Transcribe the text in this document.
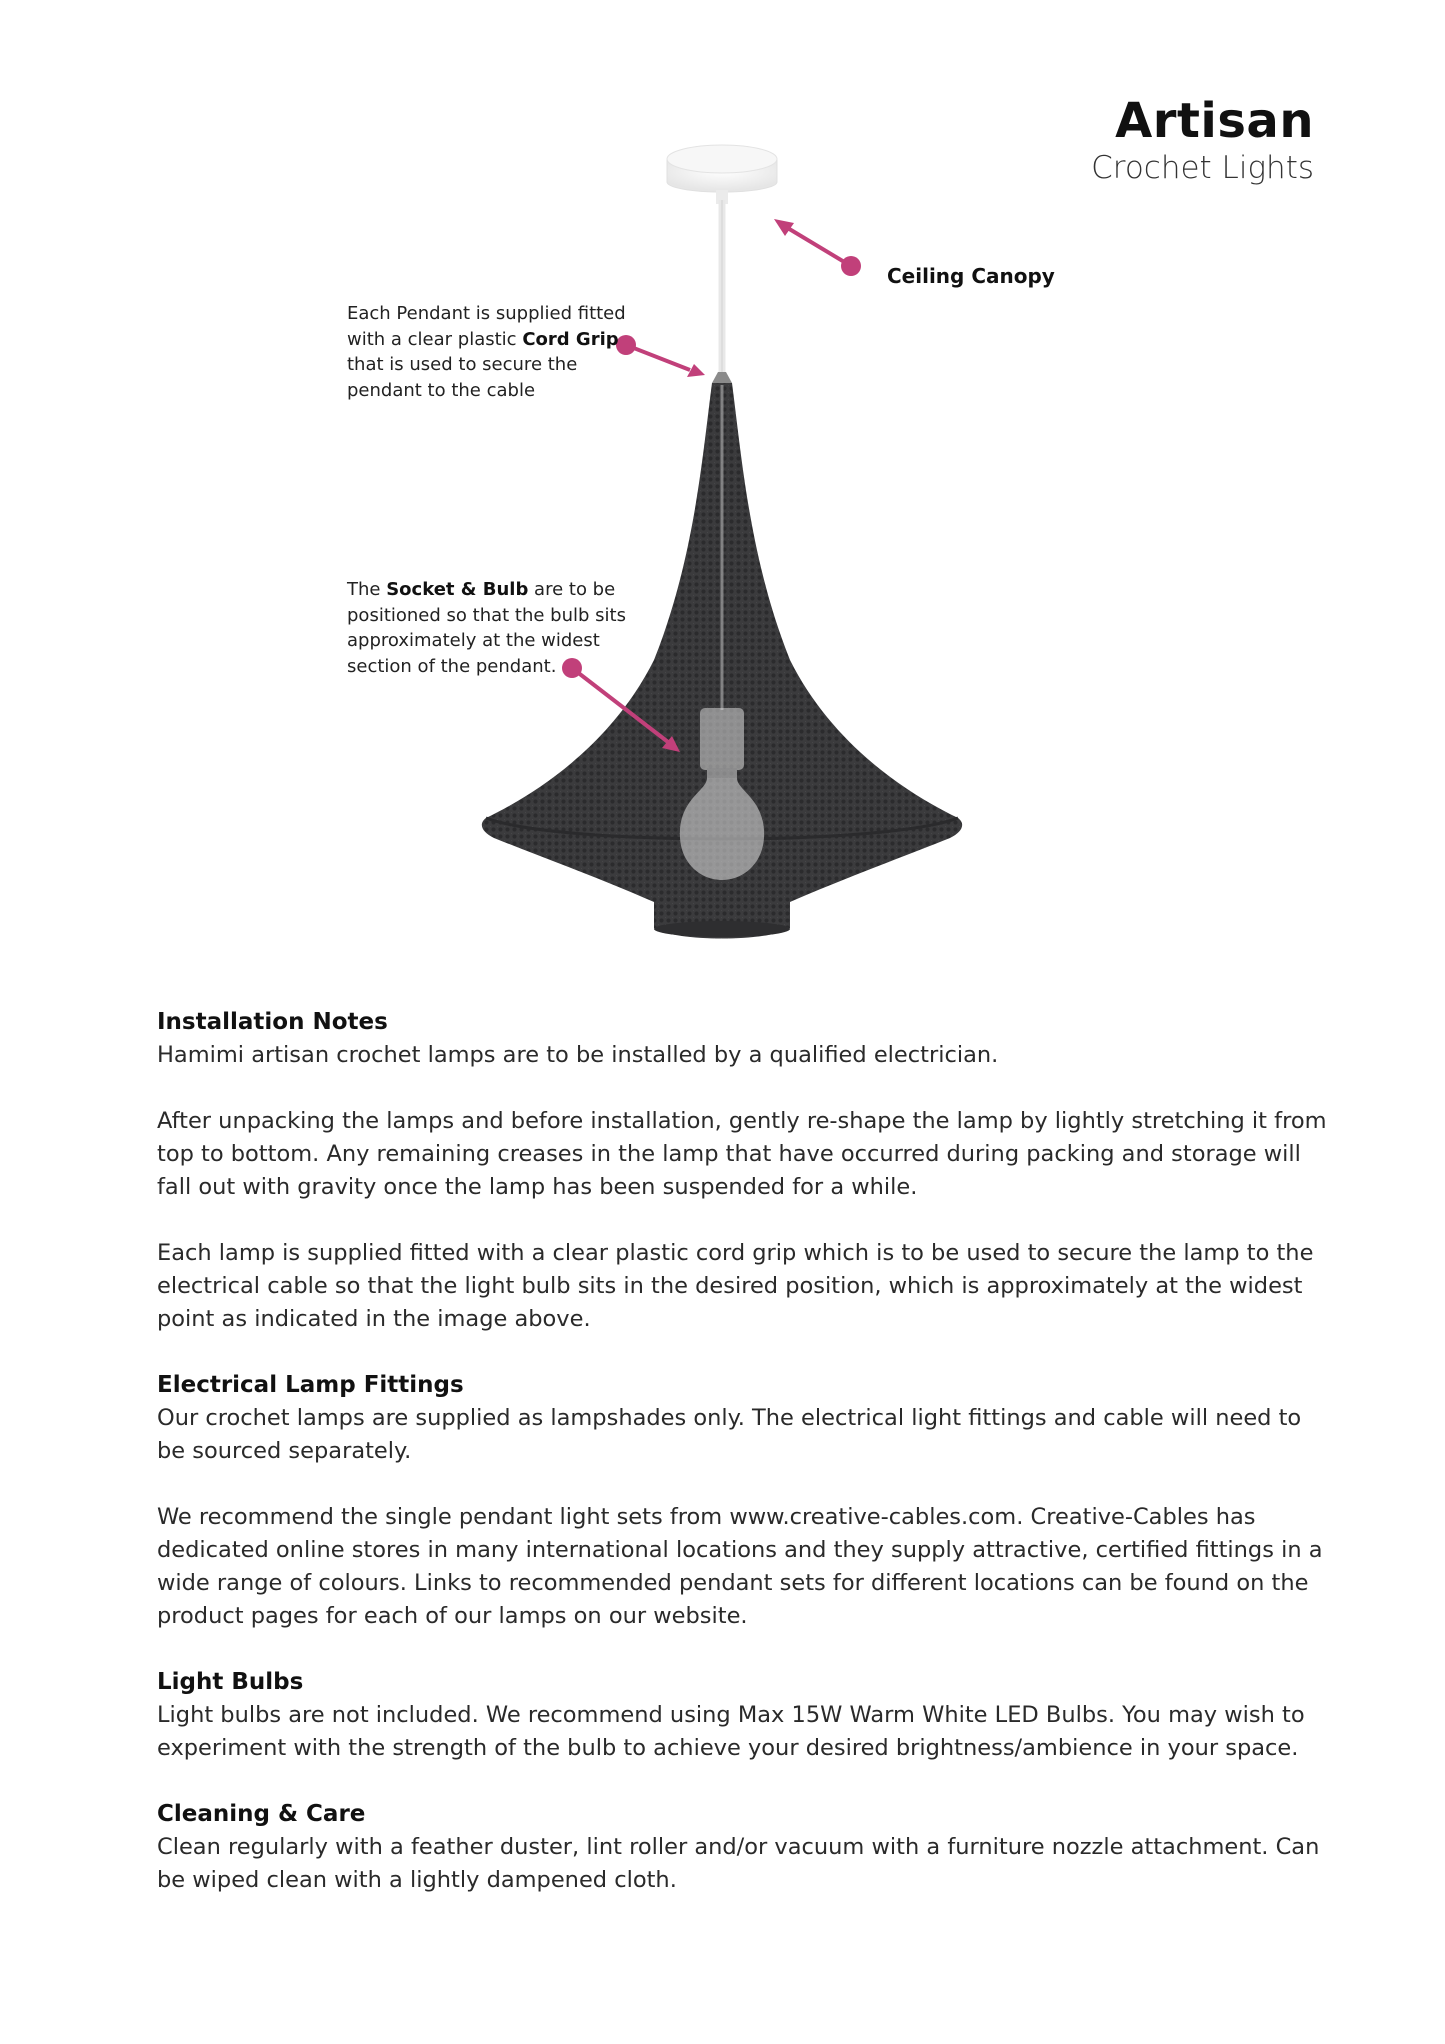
Artisan
Crochet Lights
Ceiling Canopy
Each Pendant is supplied fitted with a clear plastic Cord Grip that is used to secure the pendant to the cable
The Socket & Bulb are to be positioned so that the bulb sits approximately at the widest section of the pendant.
Installation Notes

Hamimi artisan crochet lamps are to be installed by a qualified electrician.

After unpacking the lamps and before installation, gently re-shape the lamp by lightly stretching it from top to bottom. Any remaining creases in the lamp that have occurred during packing and storage will fall out with gravity once the lamp has been suspended for a while.

Each lamp is supplied fitted with a clear plastic cord grip which is to be used to secure the lamp to the electrical cable so that the light bulb sits in the desired position, which is approximately at the widest point as indicated in the image above.

Electrical Lamp Fittings

Our crochet lamps are supplied as lampshades only. The electrical light fittings and cable will need to be sourced separately.

We recommend the single pendant light sets from www.creative-cables.com. Creative-Cables has dedicated online stores in many international locations and they supply attractive, certified fittings in a wide range of colours. Links to recommended pendant sets for different locations can be found on the product pages for each of our lamps on our website.

Light Bulbs

Light bulbs are not included. We recommend using Max 15W Warm White LED Bulbs. You may wish to experiment with the strength of the bulb to achieve your desired brightness/ambience in your space.

Cleaning & Care

Clean regularly with a feather duster, lint roller and/or vacuum with a furniture nozzle attachment. Can be wiped clean with a lightly dampened cloth.
